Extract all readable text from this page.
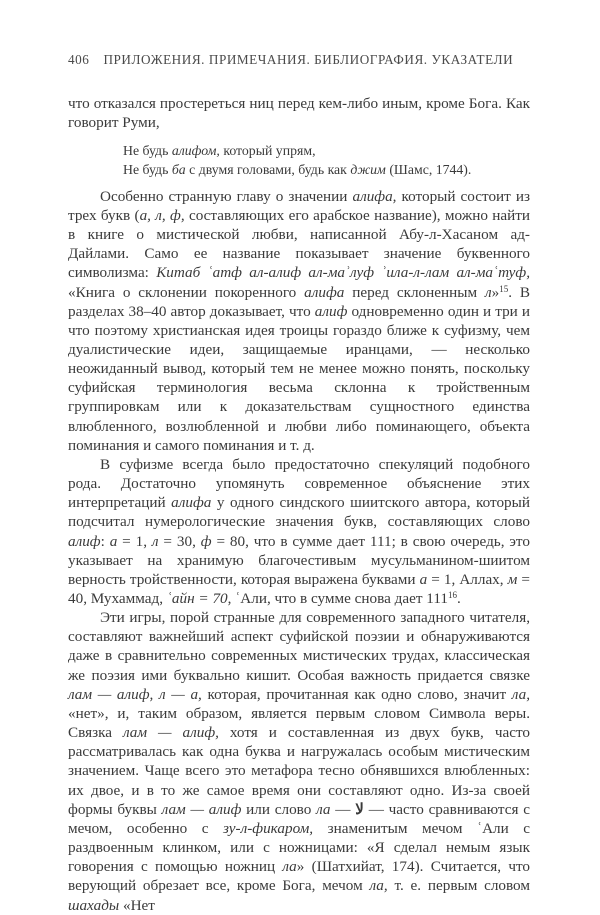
406 ПРИЛОЖЕНИЯ. ПРИМЕЧАНИЯ. БИБЛИОГРАФИЯ. УКАЗАТЕЛИ

что отказался простереться ниц перед кем-либо иным, кроме Бога. Как говорит Руми,

Не будь алифом, который упрям,
Не будь ба с двумя головами, будь как джим (Шамс, 1744).

Особенно странную главу о значении алифа, который состоит из трех букв (а, л, ф, составляющих его арабское название), можно найти в книге о мистической любви, написанной Абу-л-Хасаном ад-Дайлами. Само ее название показывает значение буквенного символизма: Китаб ʿатф ал-алиф ал-маʾлуф ʾила-л-лам ал-маʿтуф, «Книга о склонении покоренного алифа перед склоненным л»$^{15}$. В разделах 38–40 автор доказывает, что алиф одновременно один и три и что поэтому христианская идея троицы гораздо ближе к суфизму, чем дуалистические идеи, защищаемые иранцами, — несколько неожиданный вывод, который тем не менее можно понять, поскольку суфийская терминология весьма склонна к тройственным группировкам или к доказательствам сущностного единства влюбленного, возлюбленной и любви либо поминающего, объекта поминания и самого поминания и т. д.

В суфизме всегда было предостаточно спекуляций подобного рода. Достаточно упомянуть современное объяснение этих интерпретаций алифа у одного синдского шиитского автора, который подсчитал нумерологические значения букв, составляющих слово алиф: а = 1, л = 30, ф = 80, что в сумме дает 111; в свою очередь, это указывает на хранимую благочестивым мусульманином-шиитом верность тройственности, которая выражена буквами а = 1, Аллах, м = 40, Мухаммад, ʿайн = 70, ʿАли, что в сумме снова дает $111^{16}$.

Эти игры, порой странные для современного западного читателя, составляют важнейший аспект суфийской поэзии и обнаруживаются даже в сравнительно современных мистических трудах, классическая же поэзия ими буквально кишит. Особая важность придается связке лам — алиф, л — а, которая, прочитанная как одно слово, значит ла, «нет», и, таким образом, является первым словом Символа веры. Связка лам — алиф, хотя и составленная из двух букв, часто рассматривалась как одна буква и нагружалась особым мистическим значением. Чаще всего это метафора тесно обнявшихся влюбленных: их двое, и в то же самое время они составляют одно. Из-за своей формы буквы лам — алиф или слово ла — ﻻ — часто сравниваются с мечом, особенно с зу-л-фикаром, знаменитым мечом ʿАли с раздвоенным клинком, или с ножницами: «Я сделал немым язык говорения с помощью ножниц ла» (Шатхийат, 174). Считается, что верующий обрезает все, кроме Бога, мечом ла, т. е. первым словом шахады «Нет
